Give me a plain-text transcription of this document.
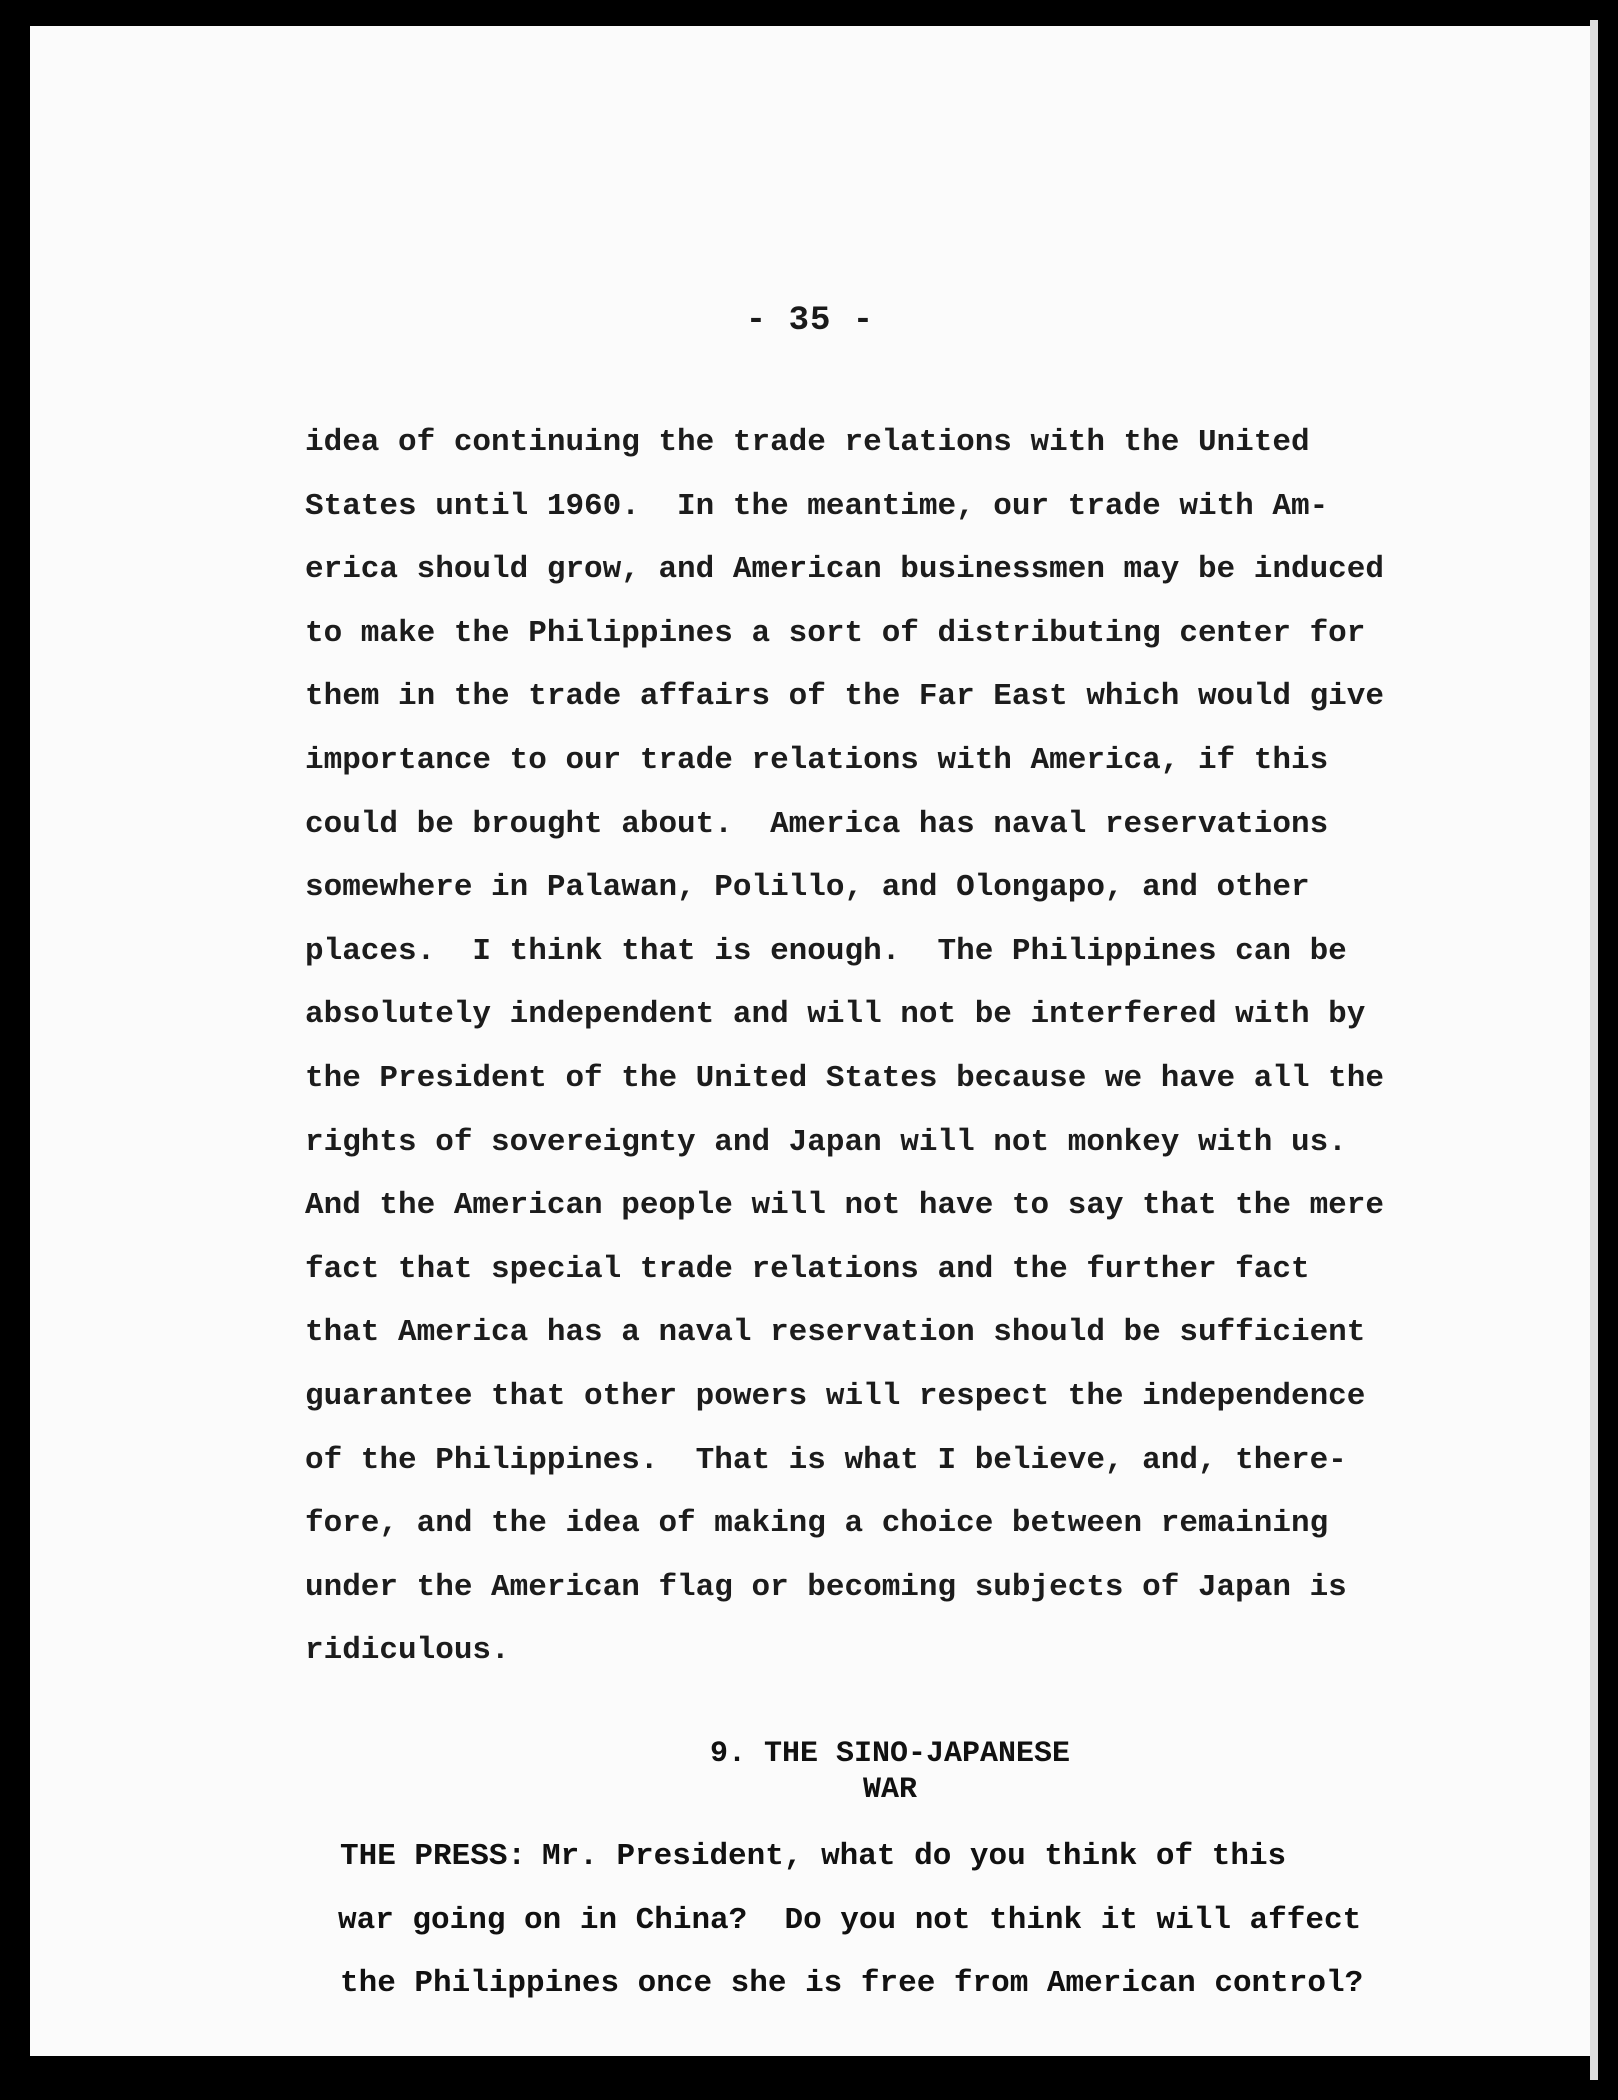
- 35 -
idea of continuing the trade relations with the United
States until 1960.  In the meantime, our trade with Am-
erica should grow, and American businessmen may be induced
to make the Philippines a sort of distributing center for
them in the trade affairs of the Far East which would give
importance to our trade relations with America, if this
could be brought about.  America has naval reservations
somewhere in Palawan, Polillo, and Olongapo, and other
places.  I think that is enough.  The Philippines can be
absolutely independent and will not be interfered with by
the President of the United States because we have all the
rights of sovereignty and Japan will not monkey with us.
And the American people will not have to say that the mere
fact that special trade relations and the further fact
that America has a naval reservation should be sufficient
guarantee that other powers will respect the independence
of the Philippines.  That is what I believe, and, there-
fore, and the idea of making a choice between remaining
under the American flag or becoming subjects of Japan is
ridiculous.
9. THE SINO-JAPANESE
WAR
THE PRESS: Mr. President, what do you think of this
war going on in China?  Do you not think it will affect
the Philippines once she is free from American control?
